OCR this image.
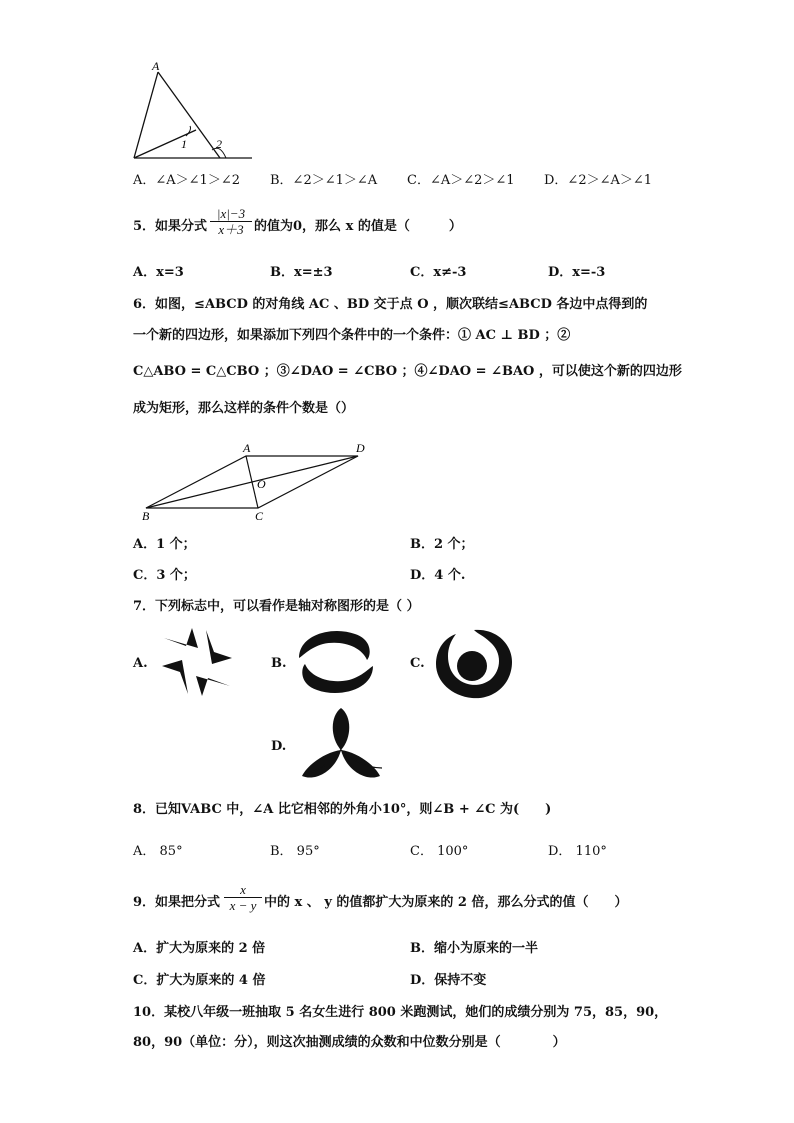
A
1 2
A．∠A＞∠1＞∠2 B．∠2＞∠1＞∠A C．∠A＞∠2＞∠1 D．∠2＞∠A＞∠1
5．如果分式 $\frac{|x|-3}{x+3}$ 的值为0，那么 x 的值是（　　　）
A．x=3	B．x=±3	C．x≠-3	D．x=-3
6．如图，≤ABCD 的对角线 AC 、BD 交于点 O ，顺次联结≤ABCD 各边中点得到的
一个新的四边形，如果添加下列四个条件中的一个条件：① AC ⊥ BD ；②
C△ABO = C△CBO ；③∠DAO = ∠CBO ；④∠DAO = ∠BAO ，可以使这个新的四边形
成为矩形，那么这样的条件个数是（）
A
B	C
D
O
A．1 个；	B．2 个；
C．3 个；	D．4 个.
7．下列标志中，可以看作是轴对称图形的是（ ）
A.	B.	C.
D.
8．已知VABC 中，∠A 比它相邻的外角小10°，则∠B + ∠C 为(　　)
A． 85°	B． 95°	C． 100°	D． 110°
9．如果把分式 $\frac{x}{x - y}$ 中的 x 、 y 的值都扩大为原来的 2 倍，那么分式的值（　　）
A．扩大为原来的 2 倍	B．缩小为原来的一半
C．扩大为原来的 4 倍	D．保持不变
10．某校八年级一班抽取 5 名女生进行 800 米跑测试，她们的成绩分别为 75，85，90，
80，90（单位：分），则这次抽测成绩的众数和中位数分别是（　　　　）
